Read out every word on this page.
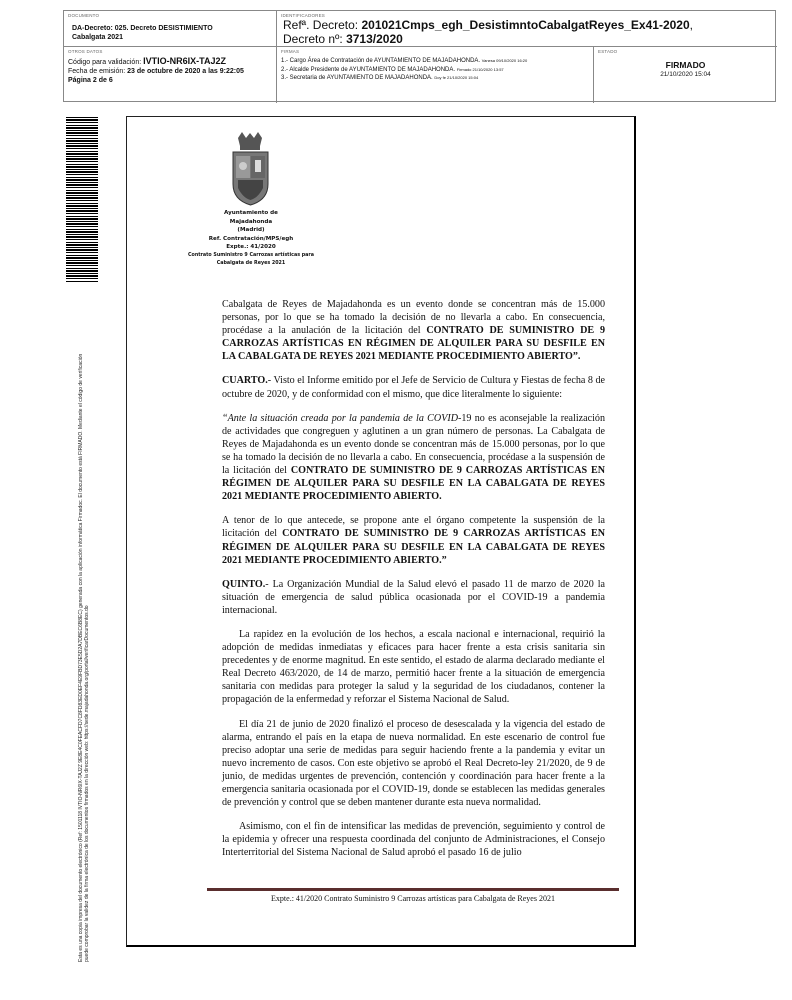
DOCUMENTO
DA-Decreto: 025. Decreto DESISTIMIENTO
Cabalgata 2021
IDENTIFICADORES
Refª. Decreto: 201021Cmps_egh_DesistimntoCabalgatReyes_Ex41-2020,
Decreto nº: 3713/2020
OTROS DATOS
Código para validación: IVTIO-NR6IX-TAJ2Z
Fecha de emisión: 23 de octubre de 2020 a las 9:22:05
Página 2 de 6
FIRMAS
1.- Cargo Área de Contratación de AYUNTAMIENTO DE MAJADAHONDA. Vanesa 09/10/2020 16:20
2.- Alcalde Presidente de AYUNTAMIENTO DE MAJADAHONDA. Firmado 21/10/2020 13:57
3.- Secretaria de AYUNTAMIENTO DE MAJADAHONDA. Doy fe 21/10/2020 15:04
ESTADO
FIRMADO
21/10/2020 15:04
Esta es una copia impresa del documento electrónico (Ref: 1501118 IVTIO-NR6IX-TAJ2Z 9E8E4C0FEACFD7C8FD83ED0EF4E9FBD73E5D2A7DBEC6B8EC) generada con la aplicación informática Firmadoc. El documento está FIRMADO. Mediante el código de verificación puede comprobar la validez de la firma electrónica de los documentos firmados en la dirección web: https://sede.majadahonda.org/portal/verificarDocumentos.do
Ayuntamiento de
Majadahonda
(Madrid)
Ref. Contratación/MPS/egh
Expte.: 41/2020
Contrato Suministro 9 Carrozas artísticas para
Cabalgata de Reyes 2021

Cabalgata de Reyes de Majadahonda es un evento donde se concentran más de 15.000 personas, por lo que se ha tomado la decisión de no llevarla a cabo. En consecuencia, procédase a la anulación de la licitación del CONTRATO DE SUMINISTRO DE 9 CARROZAS ARTÍSTICAS EN RÉGIMEN DE ALQUILER PARA SU DESFILE EN LA CABALGATA DE REYES 2021 MEDIANTE PROCEDIMIENTO ABIERTO”.

CUARTO.- Visto el Informe emitido por el Jefe de Servicio de Cultura y Fiestas de fecha 8 de octubre de 2020, y de conformidad con el mismo, que dice literalmente lo siguiente:

“Ante la situación creada por la pandemia de la COVID-19 no es aconsejable la realización de actividades que congreguen y aglutinen a un gran número de personas. La Cabalgata de Reyes de Majadahonda es un evento donde se concentran más de 15.000 personas, por lo que se ha tomado la decisión de no llevarla a cabo. En consecuencia, procédase a la suspensión de la licitación del CONTRATO DE SUMINISTRO DE 9 CARROZAS ARTÍSTICAS EN RÉGIMEN DE ALQUILER PARA SU DESFILE EN LA CABALGATA DE REYES 2021 MEDIANTE PROCEDIMIENTO ABIERTO.

A tenor de lo que antecede, se propone ante el órgano competente la suspensión de la licitación del CONTRATO DE SUMINISTRO DE 9 CARROZAS ARTÍSTICAS EN RÉGIMEN DE ALQUILER PARA SU DESFILE EN LA CABALGATA DE REYES 2021 MEDIANTE PROCEDIMIENTO ABIERTO.”

QUINTO.- La Organización Mundial de la Salud elevó el pasado 11 de marzo de 2020 la situación de emergencia de salud pública ocasionada por el COVID-19 a pandemia internacional.

La rapidez en la evolución de los hechos, a escala nacional e internacional, requirió la adopción de medidas inmediatas y eficaces para hacer frente a esta crisis sanitaria sin precedentes y de enorme magnitud. En este sentido, el estado de alarma declarado mediante el Real Decreto 463/2020, de 14 de marzo, permitió hacer frente a la situación de emergencia sanitaria con medidas para proteger la salud y la seguridad de los ciudadanos, contener la propagación de la enfermedad y reforzar el Sistema Nacional de Salud.

El día 21 de junio de 2020 finalizó el proceso de desescalada y la vigencia del estado de alarma, entrando el país en la etapa de nueva normalidad. En este escenario de control fue preciso adoptar una serie de medidas para seguir haciendo frente a la pandemia y evitar un nuevo incremento de casos. Con este objetivo se aprobó el Real Decreto-ley 21/2020, de 9 de junio, de medidas urgentes de prevención, contención y coordinación para hacer frente a la emergencia sanitaria ocasionada por el COVID-19, donde se establecen las medidas generales de prevención y control que se deben mantener durante esta nueva normalidad.

Asimismo, con el fin de intensificar las medidas de prevención, seguimiento y control de la epidemia y ofrecer una respuesta coordinada del conjunto de Administraciones, el Consejo Interterritorial del Sistema Nacional de Salud aprobó el pasado 16 de julio

Expte.: 41/2020 Contrato Suministro 9 Carrozas artísticas para Cabalgata de Reyes 2021
